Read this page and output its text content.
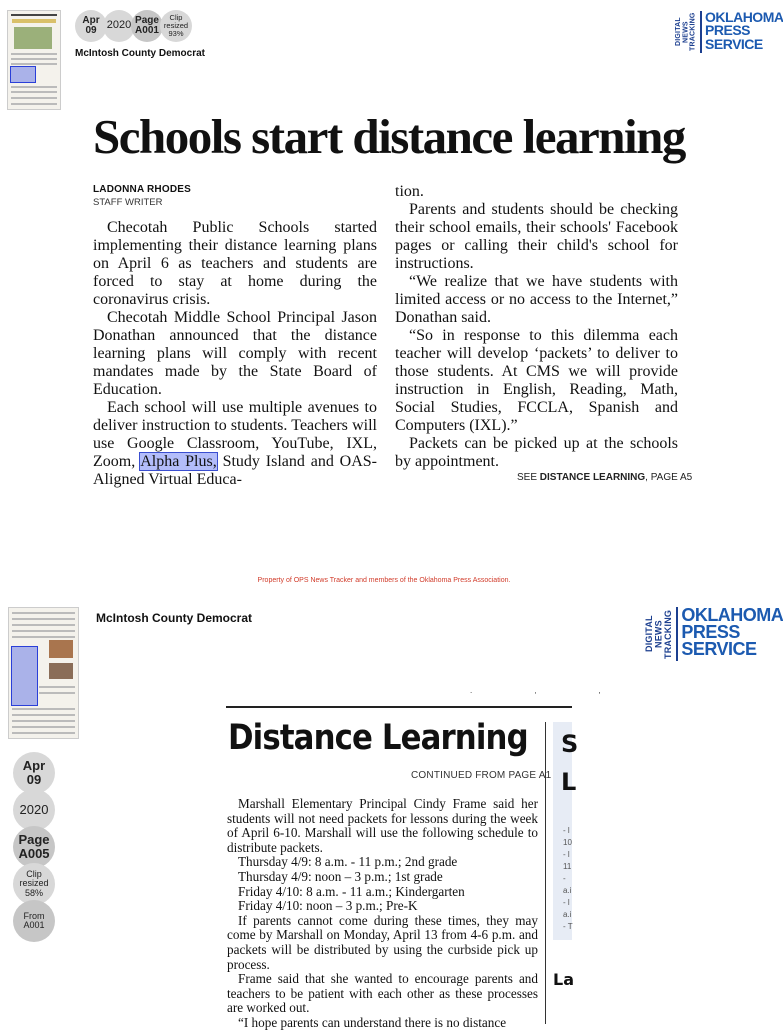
Apr
09 2020 Page
A001
Clip
resized
93%
McIntosh County Democrat
DIGITAL NEWS TRACKING OKLAHOMA
PRESS
SERVICE
Schools start distance learning
LADONNA RHODES
STAFF WRITER

Checotah Public Schools started implementing their distance learning plans on April 6 as teachers and students are forced to stay at home during the coronavirus crisis.

Checotah Middle School Principal Jason Donathan announced that the distance learning plans will comply with recent mandates made by the State Board of Education.

Each school will use multiple avenues to deliver instruction to students. Teachers will use Google Classroom, YouTube, IXL, Zoom, Alpha Plus, Study Island and OAS-Aligned Virtual Educa-

tion.

Parents and students should be checking their school emails, their schools' Facebook pages or calling their child's school for instructions.

“We realize that we have students with limited access or no access to the Internet,” Donathan said.

“So in response to this dilemma each teacher will develop ‘packets’ to deliver to those students. At CMS we will provide instruction in English, Reading, Math, Social Studies, FCCLA, Spanish and Computers (IXL).”

Packets can be picked up at the schools by appointment.

SEE DISTANCE LEARNING, PAGE A5
Property of OPS News Tracker and members of the Oklahoma Press Association.
McIntosh County Democrat	DIGITAL NEWS TRACKING OKLAHOMA
PRESS
SERVICE
Apr
09
2020
Page
A005
Clip
resized
58%
From
A001
. ‚ ,
Distance Learning
CONTINUED FROM PAGE A1

Marshall Elementary Principal Cindy Frame said her students will not need packets for lessons during the week of April 6-10. Marshall will use the following schedule to distribute packets.

Thursday 4/9: 8 a.m. - 11 p.m.; 2nd grade

Thursday 4/9: noon – 3 p.m.; 1st grade

Friday 4/10: 8 a.m. - 11 a.m.; Kindergarten

Friday 4/10: noon – 3 p.m.; Pre-K

If parents cannot come during these times, they may come by Marshall on Monday, April 13 from 4-6 p.m. and packets will be distributed by using the curbside pick up process.

Frame said that she wanted to encourage parents and teachers to be patient with each other as these processes are worked out.

“I hope parents can understand there is no distance

S
L
- l
10
- l
11
-
a.i
- l
a.i
- T
La
